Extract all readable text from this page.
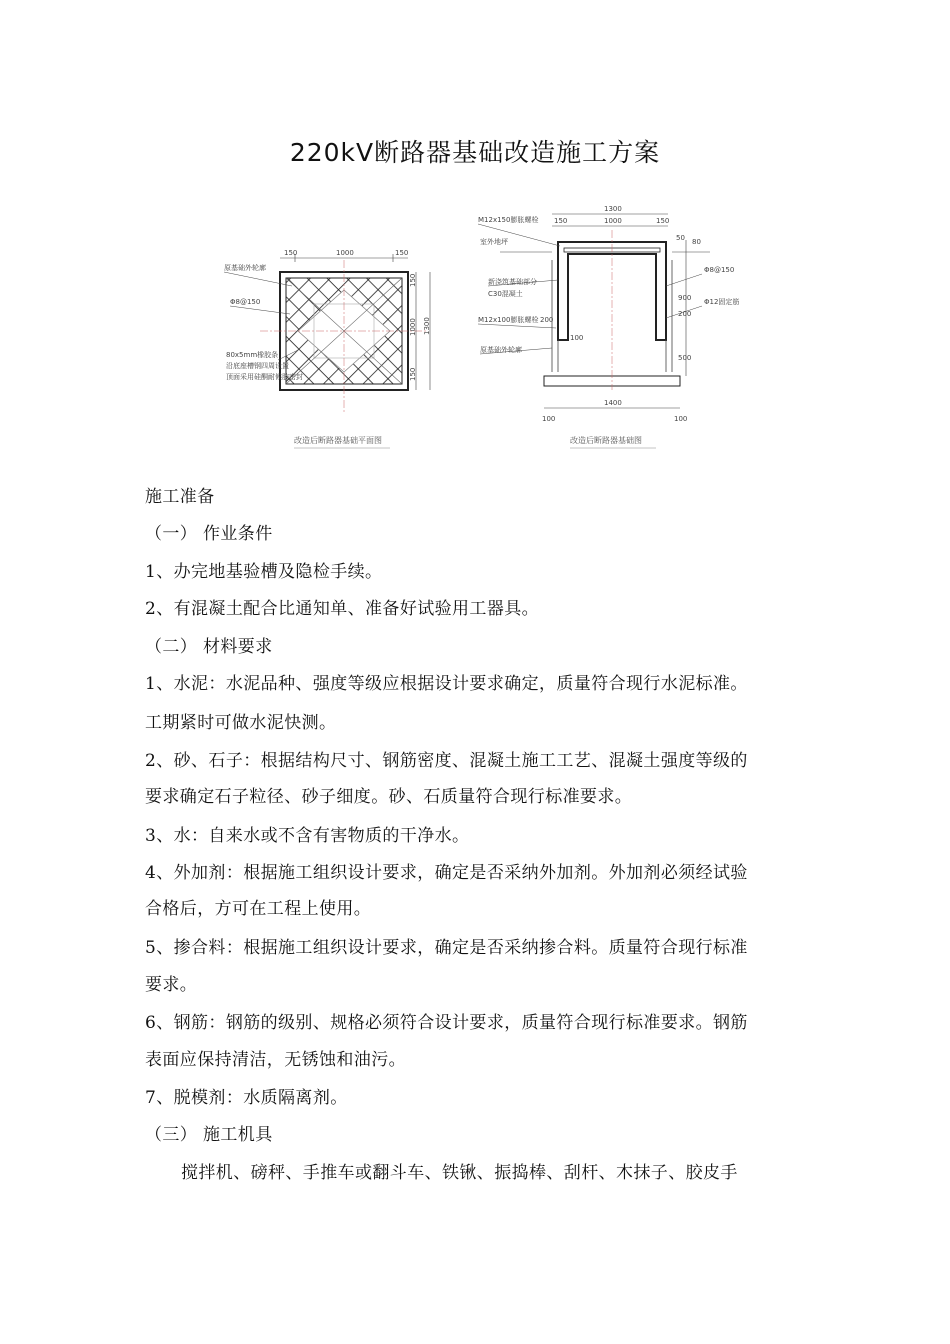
220kV断路器基础改造施工方案
150	1000	150
150
1000
150
1300
原基础外轮廓
Φ8@150
80x5mm橡胶条
沿底座槽钢四周设置
顶面采用硅酮耐候胶密封
改造后断路器基础平面图
1300
150	1000	150
1400
100	100
50 80
900
200
500
200
100
M12x150膨胀螺栓
室外地坪
新浇筑基础部分
C30混凝土
M12x100膨胀螺栓
原基础外轮廓
Φ8@150
Φ12固定筋
改造后断路器基础图
施工准备
（一） 作业条件
1、办完地基验槽及隐检手续。
2、有混凝土配合比通知单、准备好试验用工器具。
（二） 材料要求
1、水泥：水泥品种、强度等级应根据设计要求确定，质量符合现行水泥标准。
工期紧时可做水泥快测。
2、砂、石子：根据结构尺寸、钢筋密度、混凝土施工工艺、混凝土强度等级的
要求确定石子粒径、砂子细度。砂、石质量符合现行标准要求。
3、水：自来水或不含有害物质的干净水。
4、外加剂：根据施工组织设计要求，确定是否采纳外加剂。外加剂必须经试验
合格后，方可在工程上使用。
5、掺合料：根据施工组织设计要求，确定是否采纳掺合料。质量符合现行标准
要求。
6、钢筋：钢筋的级别、规格必须符合设计要求，质量符合现行标准要求。钢筋
表面应保持清洁，无锈蚀和油污。
7、脱模剂：水质隔离剂。
（三） 施工机具
搅拌机、磅秤、手推车或翻斗车、铁锹、振捣棒、刮杆、木抹子、胶皮手
